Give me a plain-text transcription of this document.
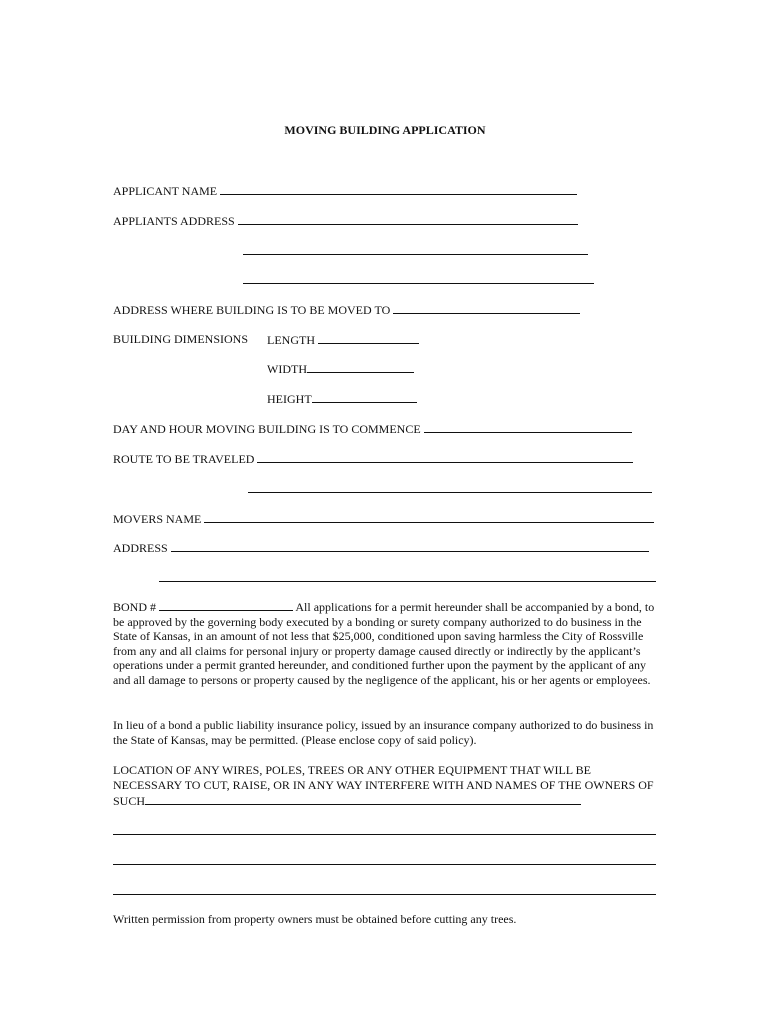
MOVING BUILDING APPLICATION
APPLICANT NAME
APPLIANTS ADDRESS
ADDRESS WHERE BUILDING IS TO BE MOVED TO
BUILDING DIMENSIONS LENGTH
WIDTH
HEIGHT
DAY AND HOUR MOVING BUILDING IS TO COMMENCE
ROUTE TO BE TRAVELED
MOVERS NAME
ADDRESS
BOND #	All applications for a permit hereunder shall be accompanied by a bond, to be approved by the governing body executed by a bonding or surety company authorized to do business in the State of Kansas, in an amount of not less that $25,000, conditioned upon saving harmless the City of Rossville from any and all claims for personal injury or property damage caused directly or indirectly by the applicant’s operations under a permit granted hereunder, and conditioned further upon the payment by the applicant of any and all damage to persons or property caused by the negligence of the applicant, his or her agents or employees.
In lieu of a bond a public liability insurance policy, issued by an insurance company authorized to do business in the State of Kansas, may be permitted. (Please enclose copy of said policy).
LOCATION OF ANY WIRES, POLES, TREES OR ANY OTHER EQUIPMENT THAT WILL BE NECESSARY TO CUT, RAISE, OR IN ANY WAY INTERFERE WITH AND NAMES OF THE OWNERS OF SUCH
Written permission from property owners must be obtained before cutting any trees.
